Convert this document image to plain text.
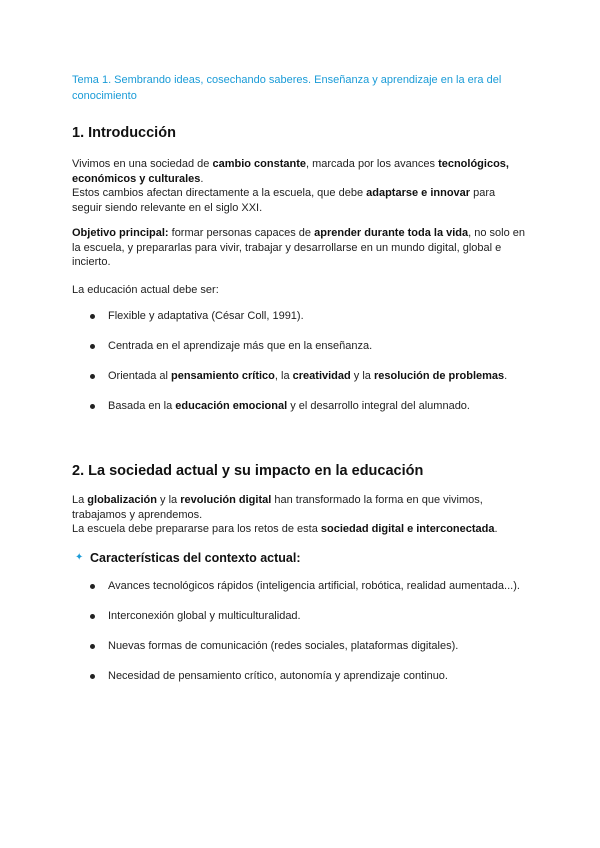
Tema 1. Sembrando ideas, cosechando saberes. Enseñanza y aprendizaje en la era del conocimiento

1. Introducción

Vivimos en una sociedad de cambio constante, marcada por los avances tecnológicos, económicos y culturales.
Estos cambios afectan directamente a la escuela, que debe adaptarse e innovar para seguir siendo relevante en el siglo XXI.

Objetivo principal: formar personas capaces de aprender durante toda la vida, no solo en la escuela, y prepararlas para vivir, trabajar y desarrollarse en un mundo digital, global e incierto.

La educación actual debe ser:

Flexible y adaptativa (César Coll, 1991).
Centrada en el aprendizaje más que en la enseñanza.
Orientada al pensamiento crítico, la creatividad y la resolución de problemas.
Basada en la educación emocional y el desarrollo integral del alumnado.
2. La sociedad actual y su impacto en la educación

La globalización y la revolución digital han transformado la forma en que vivimos, trabajamos y aprendemos.
La escuela debe prepararse para los retos de esta sociedad digital e interconectada.

✦ Características del contexto actual:
Avances tecnológicos rápidos (inteligencia artificial, robótica, realidad aumentada...).
Interconexión global y multiculturalidad.
Nuevas formas de comunicación (redes sociales, plataformas digitales).
Necesidad de pensamiento crítico, autonomía y aprendizaje continuo.
